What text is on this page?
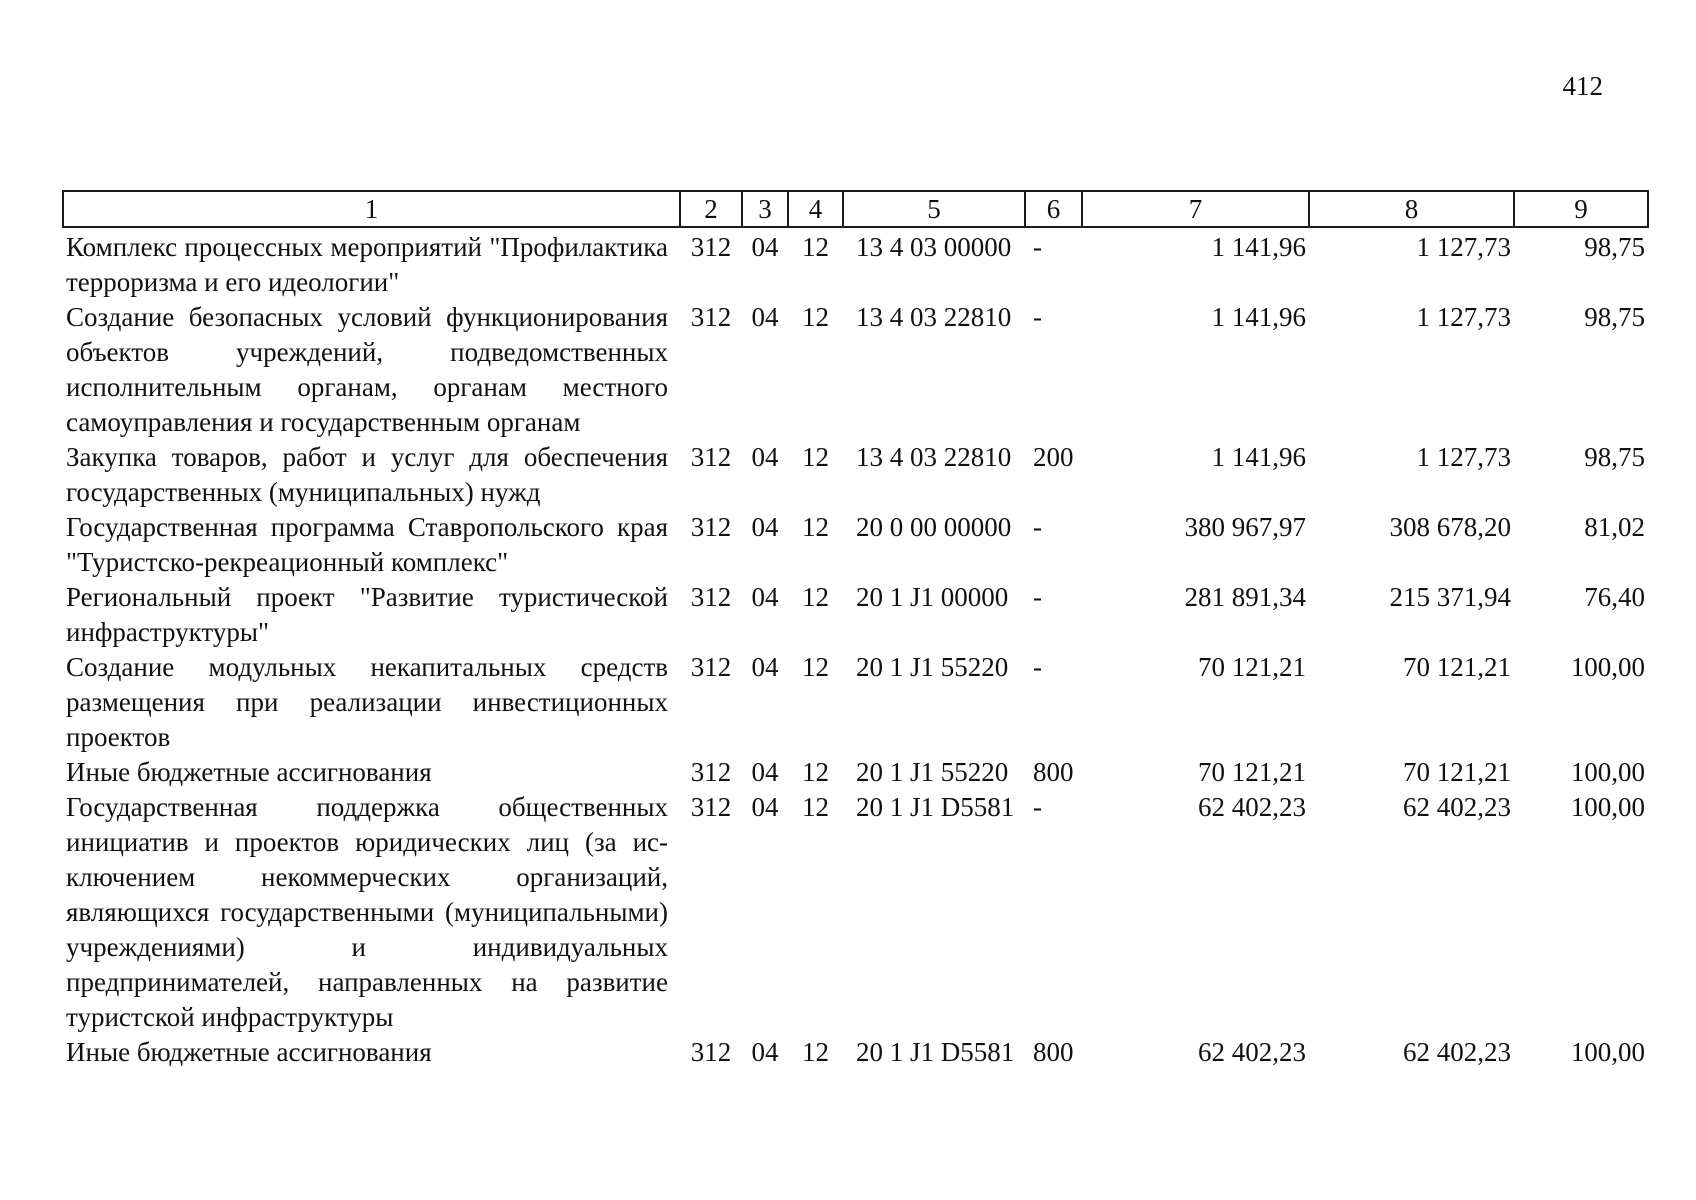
412
1	2	3	4	5	6	7	8	9
Комплекс процессных мероприятий "Профилактика терроризма и его идеологии"	312	04	12	13 4 03 00000	-	1 141,96	1 127,73	98,75
Создание безопасных условий функционирования объектов учреждений, подведомственных исполнительным органам, органам местного самоуправления и государственным органам	312	04	12	13 4 03 22810	-	1 141,96	1 127,73	98,75
Закупка товаров, работ и услуг для обеспечения государственных (муниципальных) нужд	312	04	12	13 4 03 22810	200	1 141,96	1 127,73	98,75
Государственная программа Ставропольского края "Туристско-рекреационный комплекс"	312	04	12	20 0 00 00000	-	380 967,97	308 678,20	81,02
Региональный проект "Развитие туристической инфраструктуры"	312	04	12	20 1 J1 00000	-	281 891,34	215 371,94	76,40
Создание модульных некапитальных средств размещения при реализации инвестиционных проектов	312	04	12	20 1 J1 55220	-	70 121,21	70 121,21	100,00
Иные бюджетные ассигнования	312	04	12	20 1 J1 55220	800	70 121,21	70 121,21	100,00
Государственная поддержка общественных инициатив и проектов юридических лиц (за исключением некоммерческих организаций, являющихся государственными (муниципальными) учреждениями) и индивидуальных предпринимателей, направленных на развитие туристской инфраструктуры	312	04	12	20 1 J1 D5581	-	62 402,23	62 402,23	100,00
Иные бюджетные ассигнования	312	04	12	20 1 J1 D5581	800	62 402,23	62 402,23	100,00
